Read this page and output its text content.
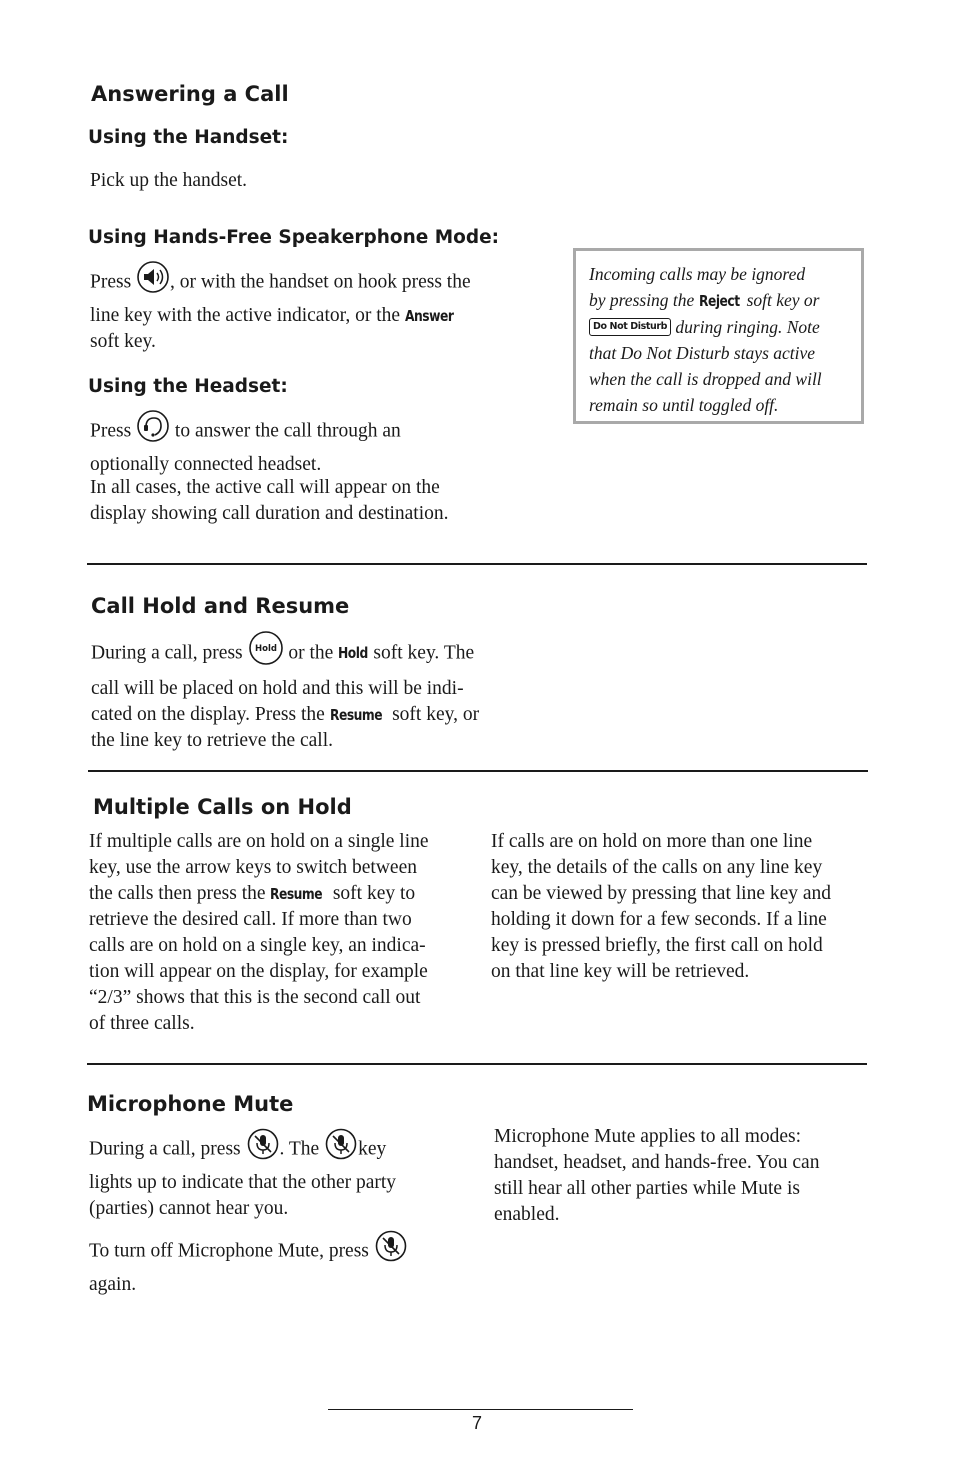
Answering a Call
Using the Handset:
Pick up the handset.
Using Hands-Free Speakerphone Mode:

Press , or with the handset on hook press the

line key with the active indicator, or the Answer

soft key.

Using the Headset:

Press to answer the call through an

optionally connected headset.

In all cases, the active call will appear on the

display showing call duration and destination.

Incoming calls may be ignored
by pressing the Reject soft key or
Do Not Disturb during ringing. Note
that Do Not Disturb stays active
when the call is dropped and will
remain so until toggled off.
Call Hold and Resume

During a call, press Hold or the Hold soft key. The

call will be placed on hold and this will be indi-

cated on the display. Press the Resume soft key, or

the line key to retrieve the call.

Multiple Calls on Hold

If multiple calls are on hold on a single line

key, use the arrow keys to switch between

the calls then press the Resume soft key to

retrieve the desired call. If more than two

calls are on hold on a single key, an indica-

tion will appear on the display, for example

“2/3” shows that this is the second call out

of three calls.

If calls are on hold on more than one line

key, the details of the calls on any line key

can be viewed by pressing that line key and

holding it down for a few seconds. If a line

key is pressed briefly, the first call on hold

on that line key will be retrieved.

Microphone Mute

During a call, press . The key

lights up to indicate that the other party

(parties) cannot hear you.

To turn off Microphone Mute, press

again.

Microphone Mute applies to all modes:

handset, headset, and hands-free. You can

still hear all other parties while Mute is

enabled.

7
